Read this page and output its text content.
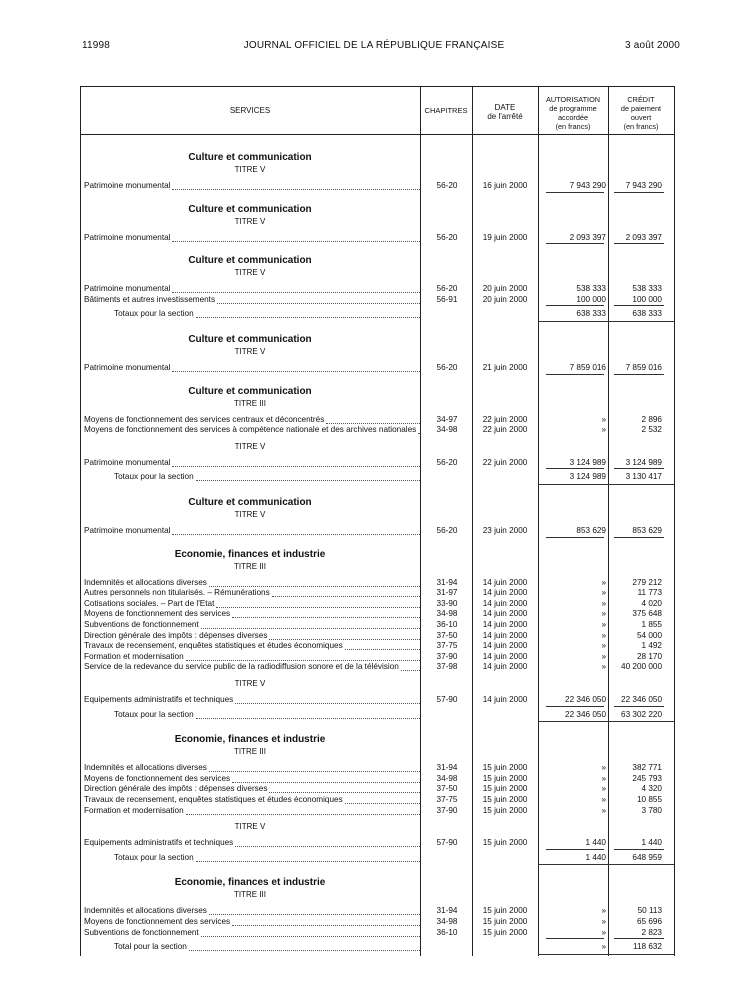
11998	JOURNAL OFFICIEL DE LA RÉPUBLIQUE FRANÇAISE	3 août 2000
SERVICES	CHAPITRES	DATE
de l'arrêté
AUTORISATION
de programme
accordée
(en francs)
CRÉDIT
de paiement
ouvert
(en francs)
Culture et communication
TITRE V
Patrimoine monumental	56-20	16 juin 2000	7 943 290	7 943 290
Culture et communication
TITRE V
Patrimoine monumental	56-20	19 juin 2000	2 093 397	2 093 397
Culture et communication
TITRE V
Patrimoine monumental	56-20	20 juin 2000	538 333	538 333
Bâtiments et autres investissements	56-91	20 juin 2000	100 000	100 000
Totaux pour la section	638 333	638 333
Culture et communication
TITRE V
Patrimoine monumental	56-20	21 juin 2000	7 859 016	7 859 016
Culture et communication
TITRE III
Moyens de fonctionnement des services centraux et déconcentrés	34-97	22 juin 2000	»	2 896
Moyens de fonctionnement des services à compétence nationale et des archives nationales	34-98	22 juin 2000	»	2 532
TITRE V
Patrimoine monumental	56-20	22 juin 2000	3 124 989	3 124 989
Totaux pour la section	3 124 989	3 130 417
Culture et communication
TITRE V
Patrimoine monumental	56-20	23 juin 2000	853 629	853 629
Economie, finances et industrie
TITRE III
Indemnités et allocations diverses	31-94	14 juin 2000	»	279 212
Autres personnels non titularisés. – Rémunérations	31-97	14 juin 2000	»	11 773
Cotisations sociales. – Part de l'Etat	33-90	14 juin 2000	»	4 020
Moyens de fonctionnement des services	34-98	14 juin 2000	»	375 648
Subventions de fonctionnement	36-10	14 juin 2000	»	1 855
Direction générale des impôts : dépenses diverses	37-50	14 juin 2000	»	54 000
Travaux de recensement, enquêtes statistiques et études économiques	37-75	14 juin 2000	»	1 492
Formation et modernisation	37-90	14 juin 2000	»	28 170
Service de la redevance du service public de la radiodiffusion sonore et de la télévision	37-98	14 juin 2000	»	40 200 000
TITRE V
Equipements administratifs et techniques	57-90	14 juin 2000	22 346 050	22 346 050
Totaux pour la section	22 346 050	63 302 220
Economie, finances et industrie
TITRE III
Indemnités et allocations diverses	31-94	15 juin 2000	»	382 771
Moyens de fonctionnement des services	34-98	15 juin 2000	»	245 793
Direction générale des impôts : dépenses diverses	37-50	15 juin 2000	»	4 320
Travaux de recensement, enquêtes statistiques et études économiques	37-75	15 juin 2000	»	10 855
Formation et modernisation	37-90	15 juin 2000	»	3 780
TITRE V
Equipements administratifs et techniques	57-90	15 juin 2000	1 440	1 440
Totaux pour la section	1 440	648 959
Economie, finances et industrie
TITRE III
Indemnités et allocations diverses	31-94	15 juin 2000	»	50 113
Moyens de fonctionnement des services	34-98	15 juin 2000	»	65 696
Subventions de fonctionnement	36-10	15 juin 2000	»	2 823
Total pour la section	»	118 632
